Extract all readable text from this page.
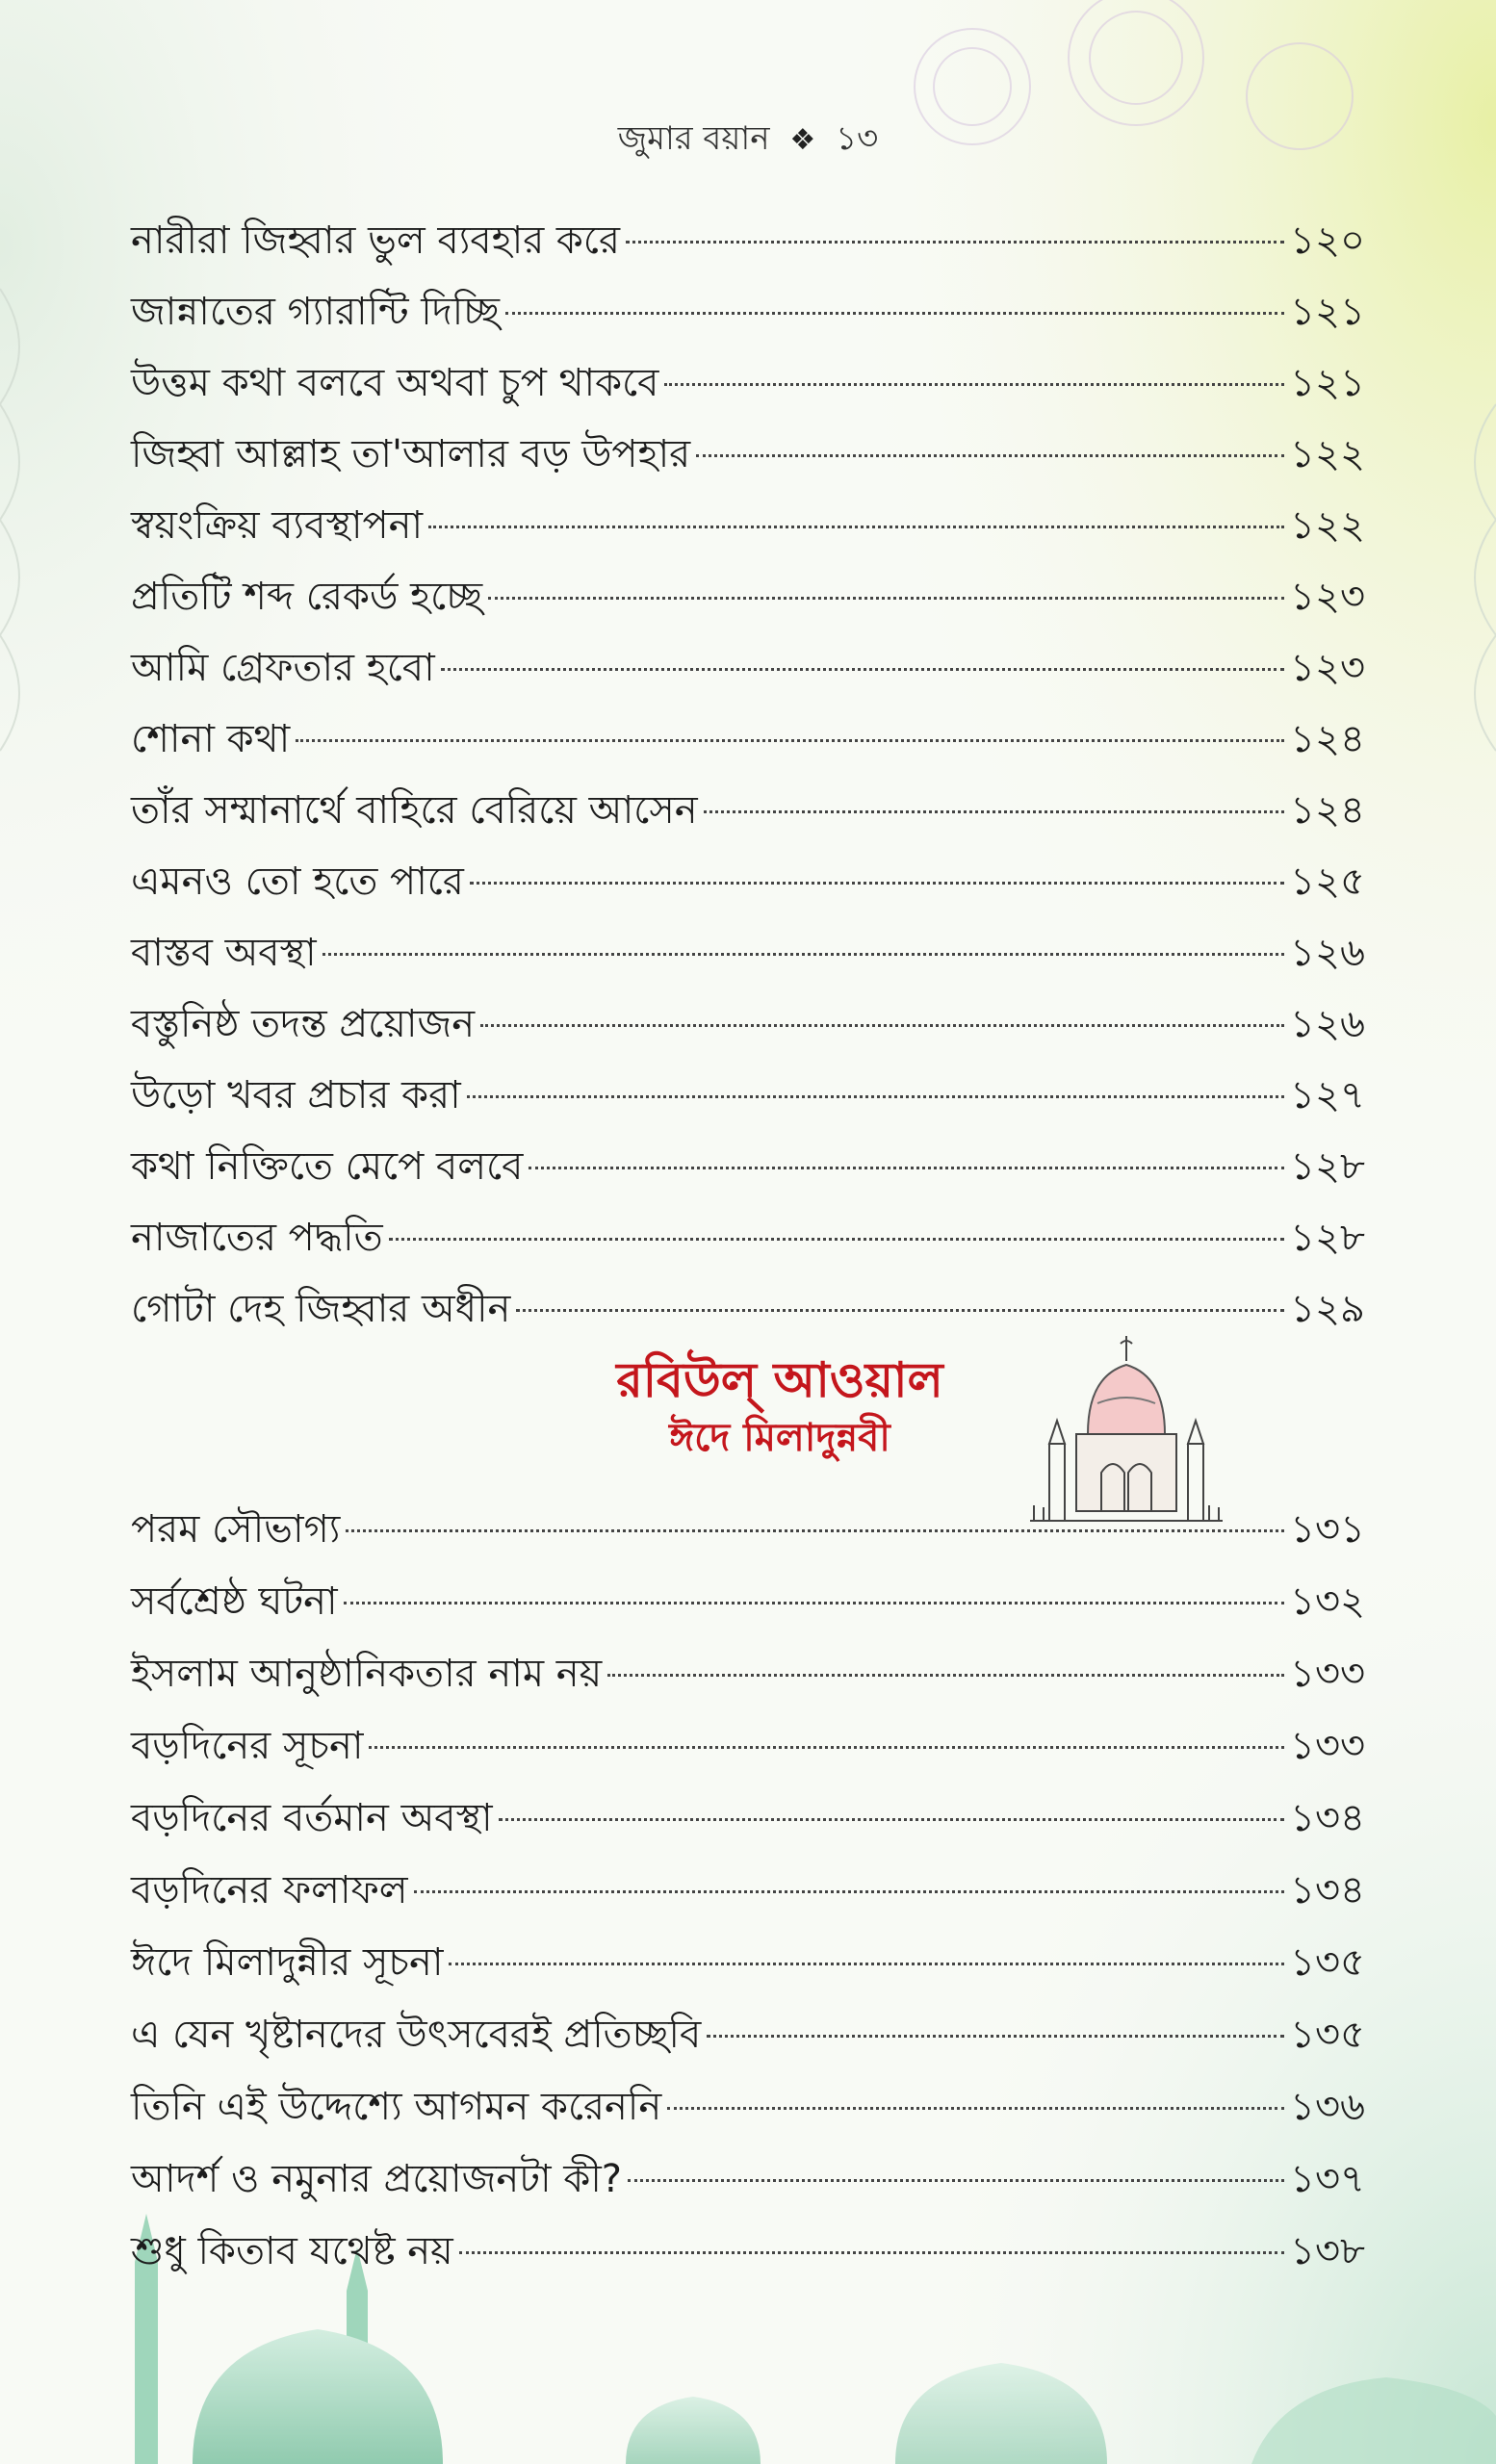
জুমার বয়ান ❖ ১৩
নারীরা জিহ্বার ভুল ব্যবহার করে	১২০
জান্নাতের গ্যারান্টি দিচ্ছি	১২১
উত্তম কথা বলবে অথবা চুপ থাকবে	১২১
জিহ্বা আল্লাহ তা'আলার বড় উপহার	১২২
স্বয়ংক্রিয় ব্যবস্থাপনা	১২২
প্রতিটি শব্দ রেকর্ড হচ্ছে	১২৩
আমি গ্রেফতার হবো	১২৩
শোনা কথা	১২৪
তাঁর সম্মানার্থে বাহিরে বেরিয়ে আসেন	১২৪
এমনও তো হতে পারে	১২৫
বাস্তব অবস্থা	১২৬
বস্তুনিষ্ঠ তদন্ত প্রয়োজন	১২৬
উড়ো খবর প্রচার করা	১২৭
কথা নিক্তিতে মেপে বলবে	১২৮
নাজাতের পদ্ধতি	১২৮
গোটা দেহ জিহ্বার অধীন	১২৯
রবিউল্ আওয়াল
ঈদে মিলাদুন্নবী
পরম সৌভাগ্য	১৩১
সর্বশ্রেষ্ঠ ঘটনা	১৩২
ইসলাম আনুষ্ঠানিকতার নাম নয়	১৩৩
বড়দিনের সূচনা	১৩৩
বড়দিনের বর্তমান অবস্থা	১৩৪
বড়দিনের ফলাফল	১৩৪
ঈদে মিলাদুন্নীর সূচনা	১৩৫
এ যেন খৃষ্টানদের উৎসবেরই প্রতিচ্ছবি	১৩৫
তিনি এই উদ্দেশ্যে আগমন করেননি	১৩৬
আদর্শ ও নমুনার প্রয়োজনটা কী?	১৩৭
শুধু কিতাব যথেষ্ট নয়	১৩৮
